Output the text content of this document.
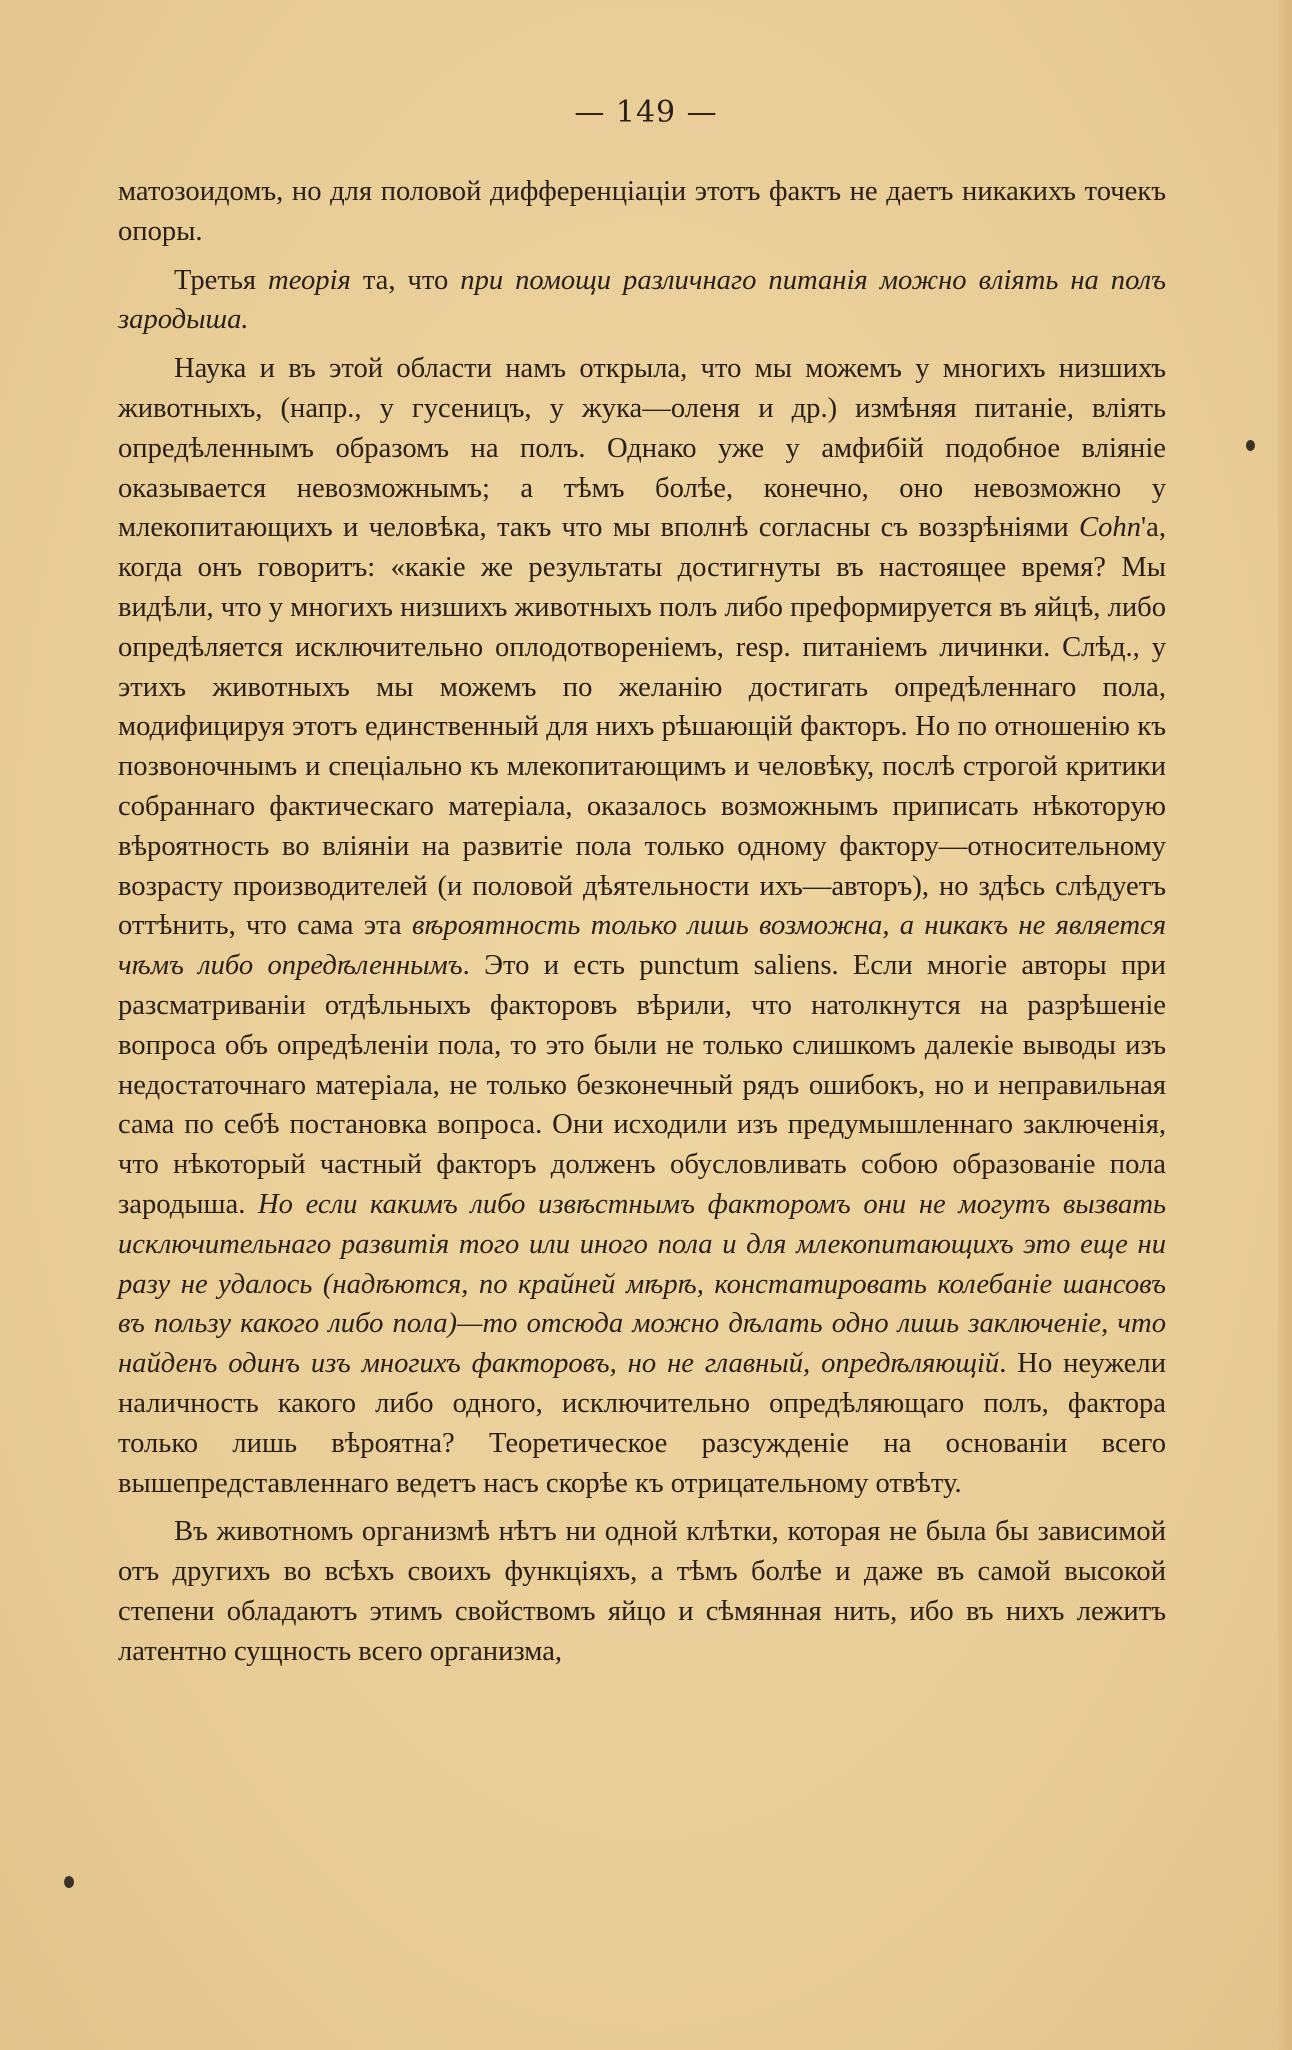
— 149 —

матозоидомъ, но для половой дифференціаціи этотъ фактъ не даетъ никакихъ точекъ опоры.

Третья теорія та, что при помощи различнаго питанія можно вліять на полъ зародыша.

Наука и въ этой области намъ открыла, что мы можемъ у многихъ низшихъ животныхъ, (напр., у гусеницъ, у жука—оленя и др.) измѣняя питаніе, вліять опредѣленнымъ образомъ на полъ. Однако уже у амфибій подобное вліяніе оказывается невозможнымъ; а тѣмъ болѣе, конечно, оно невозможно у млекопитающихъ и человѣка, такъ что мы вполнѣ согласны съ воззрѣніями Cohn'а, когда онъ говоритъ: «какіе же результаты достигнуты въ настоящее время? Мы видѣли, что у многихъ низшихъ животныхъ полъ либо преформируется въ яйцѣ, либо опредѣляется исключительно оплодотвореніемъ, resp. питаніемъ личинки. Слѣд., у этихъ животныхъ мы можемъ по желанію достигать опредѣленнаго пола, модифицируя этотъ единственный для нихъ рѣшающій факторъ. Но по отношенію къ позвоночнымъ и спеціально къ млекопитающимъ и человѣку, послѣ строгой критики собраннаго фактическаго матеріала, оказалось возможнымъ приписать нѣкоторую вѣроятность во вліяніи на развитіе пола только одному фактору—относительному возрасту производителей (и половой дѣятельности ихъ—авторъ), но здѣсь слѣдуетъ оттѣнить, что сама эта вѣроятность только лишь возможна, а никакъ не является чѣмъ либо опредѣленнымъ. Это и есть punctum saliens. Если многіе авторы при разсматриваніи отдѣльныхъ факторовъ вѣрили, что натолкнутся на разрѣшеніе вопроса объ опредѣленіи пола, то это были не только слишкомъ далекіе выводы изъ недостаточнаго матеріала, не только безконечный рядъ ошибокъ, но и неправильная сама по себѣ постановка вопроса. Они исходили изъ предумышленнаго заключенія, что нѣкоторый частный факторъ долженъ обусловливать собою образованіе пола зародыша. Но если какимъ либо извѣстнымъ факторомъ они не могутъ вызвать исключительнаго развитія того или иного пола и для млекопитающихъ это еще ни разу не удалось (надѣются, по крайней мѣрѣ, констатировать колебаніе шансовъ въ пользу какого либо пола)—то отсюда можно дѣлать одно лишь заключеніе, что найденъ одинъ изъ многихъ факторовъ, но не главный, опредѣляющій. Но неужели наличность какого либо одного, исключительно опредѣляющаго полъ, фактора только лишь вѣроятна? Теоретическое разсужденіе на основаніи всего вышепредставленнаго ведетъ насъ скорѣе къ отрицательному отвѣту.

Въ животномъ организмѣ нѣтъ ни одной клѣтки, которая не была бы зависимой отъ другихъ во всѣхъ своихъ функціяхъ, а тѣмъ болѣе и даже въ самой высокой степени обладаютъ этимъ свойствомъ яйцо и сѣмянная нить, ибо въ нихъ лежитъ латентно сущность всего организма,
